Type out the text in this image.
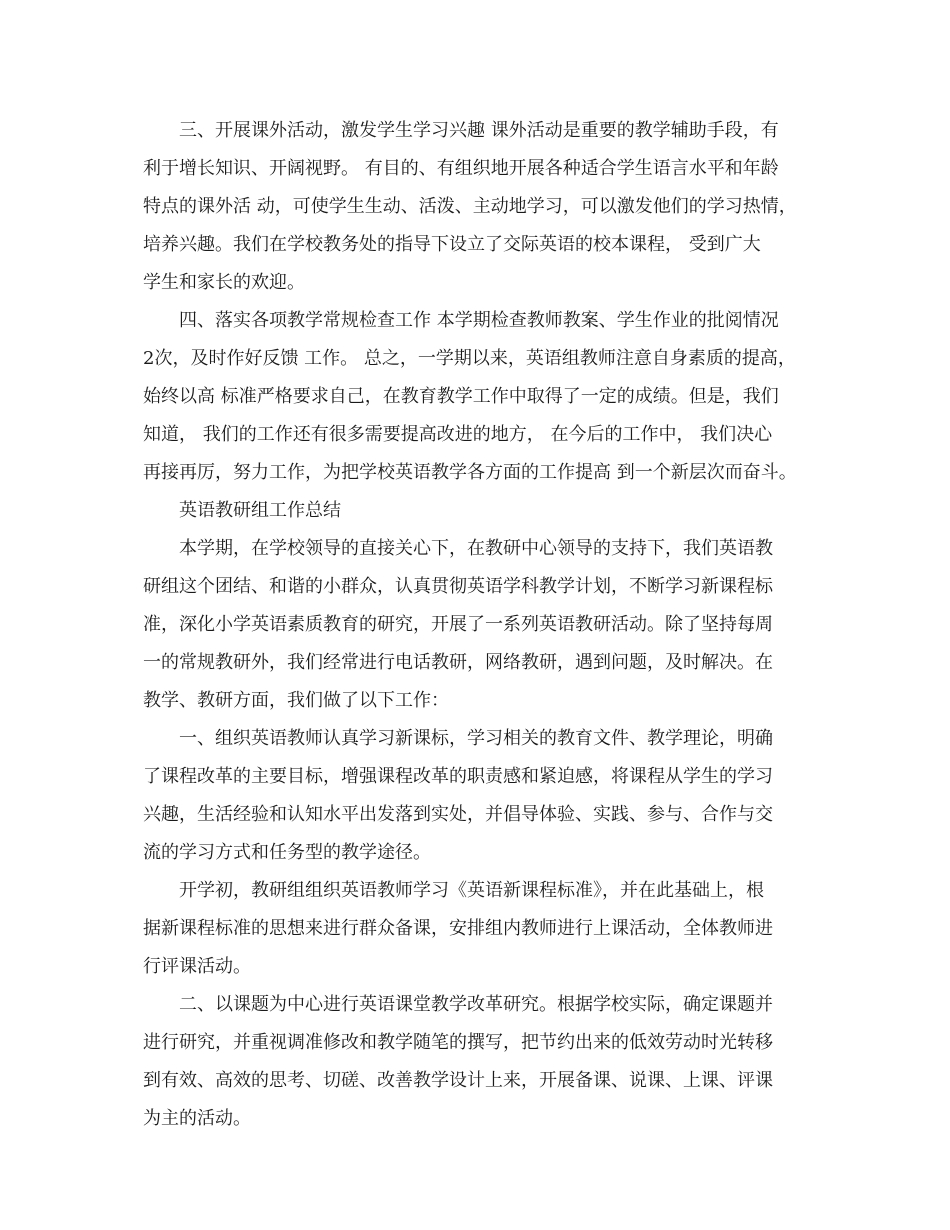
三、开展课外活动，激发学生学习兴趣 课外活动是重要的教学辅助手段，有
利于增长知识、开阔视野。 有目的、有组织地开展各种适合学生语言水平和年龄
特点的课外活 动，可使学生生动、活泼、主动地学习，可以激发他们的学习热情，
培养兴趣。我们在学校教务处的指导下设立了交际英语的校本课程， 受到广大
学生和家长的欢迎。
四、落实各项教学常规检查工作 本学期检查教师教案、学生作业的批阅情况
2次，及时作好反馈 工作。 总之，一学期以来，英语组教师注意自身素质的提高，
始终以高 标准严格要求自己，在教育教学工作中取得了一定的成绩。但是，我们
知道， 我们的工作还有很多需要提高改进的地方， 在今后的工作中， 我们决心
再接再厉，努力工作，为把学校英语教学各方面的工作提高 到一个新层次而奋斗。
英语教研组工作总结
本学期，在学校领导的直接关心下，在教研中心领导的支持下，我们英语教
研组这个团结、和谐的小群众，认真贯彻英语学科教学计划，不断学习新课程标
准，深化小学英语素质教育的研究，开展了一系列英语教研活动。除了坚持每周
一的常规教研外，我们经常进行电话教研，网络教研，遇到问题，及时解决。在
教学、教研方面，我们做了以下工作：
一、组织英语教师认真学习新课标，学习相关的教育文件、教学理论，明确
了课程改革的主要目标，增强课程改革的职责感和紧迫感，将课程从学生的学习
兴趣，生活经验和认知水平出发落到实处，并倡导体验、实践、参与、合作与交
流的学习方式和任务型的教学途径。
开学初，教研组组织英语教师学习《英语新课程标准》，并在此基础上，根
据新课程标准的思想来进行群众备课，安排组内教师进行上课活动，全体教师进
行评课活动。
二、以课题为中心进行英语课堂教学改革研究。根据学校实际，确定课题并
进行研究，并重视调准修改和教学随笔的撰写，把节约出来的低效劳动时光转移
到有效、高效的思考、切磋、改善教学设计上来，开展备课、说课、上课、评课
为主的活动。
